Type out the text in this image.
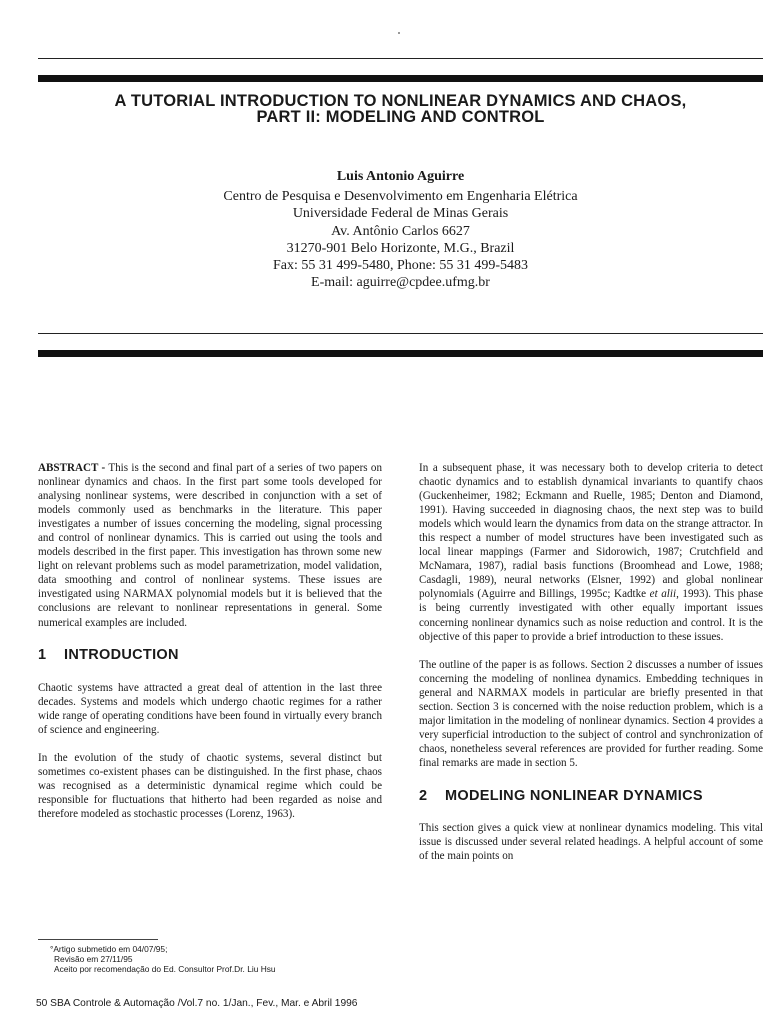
A TUTORIAL INTRODUCTION TO NONLINEAR DYNAMICS AND CHAOS,
PART II: MODELING AND CONTROL
Luis Antonio Aguirre
Centro de Pesquisa e Desenvolvimento em Engenharia Elétrica
Universidade Federal de Minas Gerais
Av. Antônio Carlos 6627
31270-901 Belo Horizonte, M.G., Brazil
Fax: 55 31 499-5480, Phone: 55 31 499-5483
E-mail: aguirre@cpdee.ufmg.br

ABSTRACT - This is the second and final part of a series of two papers on nonlinear dynamics and chaos. In the first part some tools developed for analysing nonlinear systems, were described in conjunction with a set of models commonly used as benchmarks in the literature. This paper investigates a number of issues concerning the modeling, signal processing and control of nonlinear dynamics. This is carried out using the tools and models described in the first paper. This investigation has thrown some new light on relevant problems such as model parametrization, model validation, data smoothing and control of nonlinear systems. These issues are investigated using NARMAX polynomial models but it is believed that the conclusions are relevant to nonlinear representations in general. Some numerical examples are included.

1 INTRODUCTION

Chaotic systems have attracted a great deal of attention in the last three decades. Systems and models which undergo chaotic regimes for a rather wide range of operating conditions have been found in virtually every branch of science and engineering.

In the evolution of the study of chaotic systems, several distinct but sometimes co-existent phases can be distinguished. In the first phase, chaos was recognised as a deterministic dynamical regime which could be responsible for fluctuations that hitherto had been regarded as noise and therefore modeled as stochastic processes (Lorenz, 1963).

In a subsequent phase, it was necessary both to develop criteria to detect chaotic dynamics and to establish dynamical invariants to quantify chaos (Guckenheimer, 1982; Eckmann and Ruelle, 1985; Denton and Diamond, 1991). Having succeeded in diagnosing chaos, the next step was to build models which would learn the dynamics from data on the strange attractor. In this respect a number of model structures have been investigated such as local linear mappings (Farmer and Sidorowich, 1987; Crutchfield and McNamara, 1987), radial basis functions (Broomhead and Lowe, 1988; Casdagli, 1989), neural networks (Elsner, 1992) and global nonlinear polynomials (Aguirre and Billings, 1995c; Kadtke et alii, 1993). This phase is being currently investigated with other equally important issues concerning nonlinear dynamics such as noise reduction and control. It is the objective of this paper to provide a brief introduction to these issues.

The outline of the paper is as follows. Section 2 discusses a number of issues concerning the modeling of nonlinea dynamics. Embedding techniques in general and NARMAX models in particular are briefly presented in that section. Section 3 is concerned with the noise reduction problem, which is a major limitation in the modeling of nonlinear dynamics. Section 4 provides a very superficial introduction to the subject of control and synchronization of chaos, nonetheless several references are provided for further reading. Some final remarks are made in section 5.

2 MODELING NONLINEAR DYNAMICS

This section gives a quick view at nonlinear dynamics modeling. This vital issue is discussed under several related headings. A helpful account of some of the main points on

°Artigo submetido em 04/07/95;
Revisão em 27/11/95
Aceito por recomendação do Ed. Consultor Prof.Dr. Liu Hsu
50 SBA Controle & Automação /Vol.7 no. 1/Jan., Fev., Mar. e Abril 1996
